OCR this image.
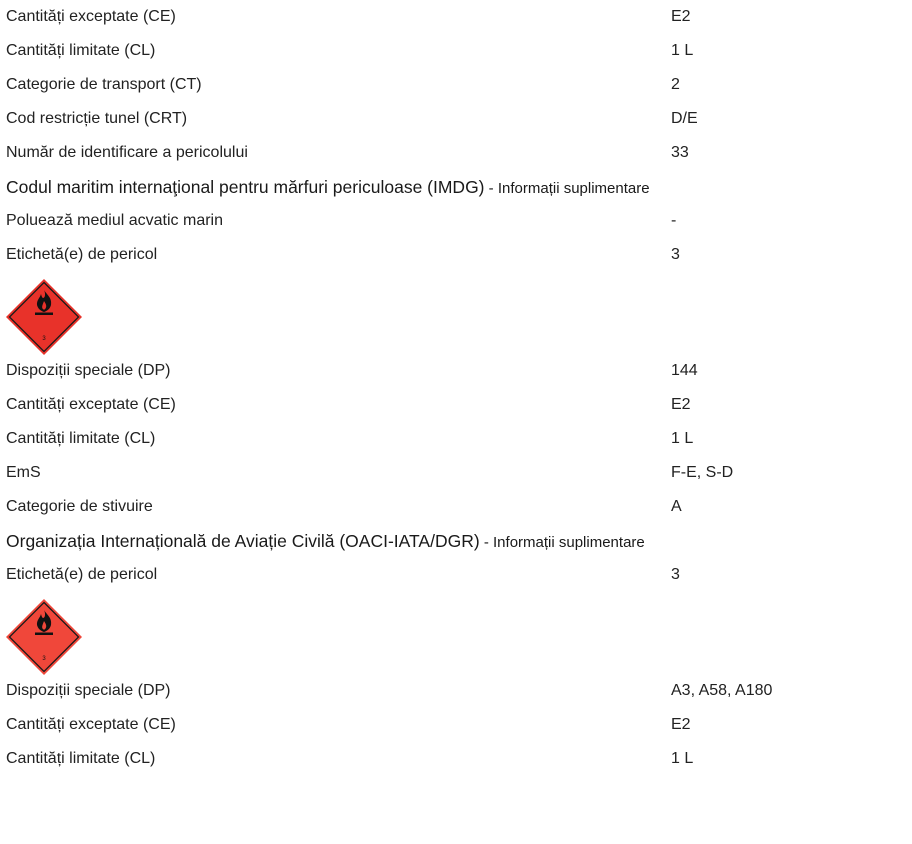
Cantități exceptate (CE)	E2
Cantități limitate (CL)	1 L
Categorie de transport (CT)	2
Cod restricție tunel (CRT)	D/E
Număr de identificare a pericolului	33
Codul maritim internaţional pentru mărfuri periculoase (IMDG) - Informații suplimentare
Poluează mediul acvatic marin	-
Etichetă(e) de pericol	3
3
Dispoziții speciale (DP)	144
Cantități exceptate (CE)	E2
Cantități limitate (CL)	1 L
EmS	F-E, S-D
Categorie de stivuire	A
Organizația Internațională de Aviație Civilă (OACI-IATA/DGR) - Informații suplimentare
Etichetă(e) de pericol	3
3
Dispoziții speciale (DP)	A3, A58, A180
Cantități exceptate (CE)	E2
Cantități limitate (CL)	1 L
